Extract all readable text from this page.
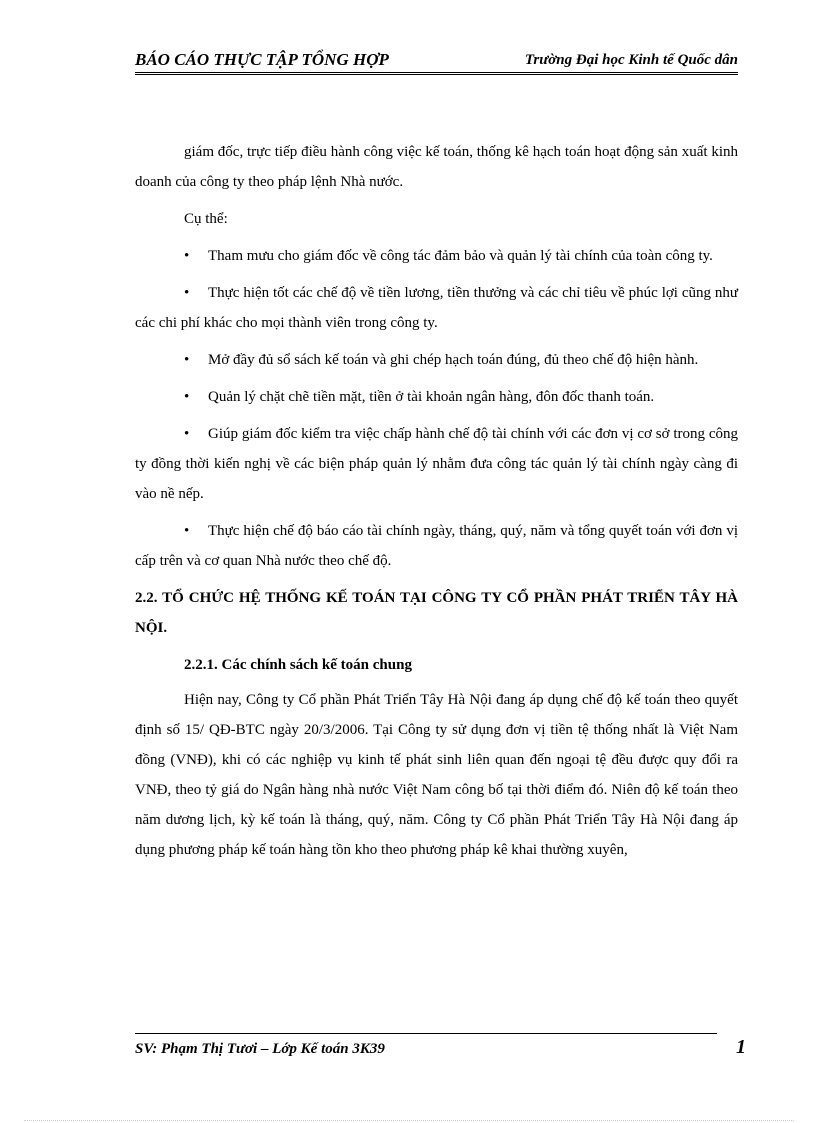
BÁO CÁO THỰC TẬP TỔNG HỢP	Trường Đại học Kinh tế Quốc dân

giám đốc, trực tiếp điều hành công việc kế toán, thống kê hạch toán hoạt động sản xuất kinh doanh của công ty theo pháp lệnh Nhà nước.

Cụ thể:

• Tham mưu cho giám đốc về công tác đảm bảo và quản lý tài chính của toàn công ty.

• Thực hiện tốt các chế độ về tiền lương, tiền thưởng và các chỉ tiêu về phúc lợi cũng như các chi phí khác cho mọi thành viên trong công ty.

• Mở đầy đủ sổ sách kế toán và ghi chép hạch toán đúng, đủ theo chế độ hiện hành.

• Quản lý chặt chẽ tiền mặt, tiền ở tài khoản ngân hàng, đôn đốc thanh toán.

• Giúp giám đốc kiểm tra việc chấp hành chế độ tài chính với các đơn vị cơ sở trong công ty đồng thời kiến nghị về các biện pháp quản lý nhằm đưa công tác quản lý tài chính ngày càng đi vào nề nếp.

• Thực hiện chế độ báo cáo tài chính ngày, tháng, quý, năm và tổng quyết toán với đơn vị cấp trên và cơ quan Nhà nước theo chế độ.

2.2. TỔ CHỨC HỆ THỐNG KẾ TOÁN TẠI CÔNG TY CỔ PHẦN PHÁT TRIỂN TÂY HÀ NỘI.

2.2.1. Các chính sách kế toán chung

Hiện nay, Công ty Cổ phần Phát Triển Tây Hà Nội đang áp dụng chế độ kế toán theo quyết định số 15/ QĐ-BTC ngày 20/3/2006. Tại Công ty sử dụng đơn vị tiền tệ thống nhất là Việt Nam đồng (VNĐ), khi có các nghiệp vụ kinh tế phát sinh liên quan đến ngoại tệ đều được quy đổi ra VNĐ, theo tỷ giá do Ngân hàng nhà nước Việt Nam công bố tại thời điểm đó. Niên độ kế toán theo năm dương lịch, kỳ kế toán là tháng, quý, năm. Công ty Cổ phần Phát Triển Tây Hà Nội đang áp dụng phương pháp kế toán hàng tồn kho theo phương pháp kê khai thường xuyên,

SV: Phạm Thị Tươi – Lớp Kế toán 3K39	1
